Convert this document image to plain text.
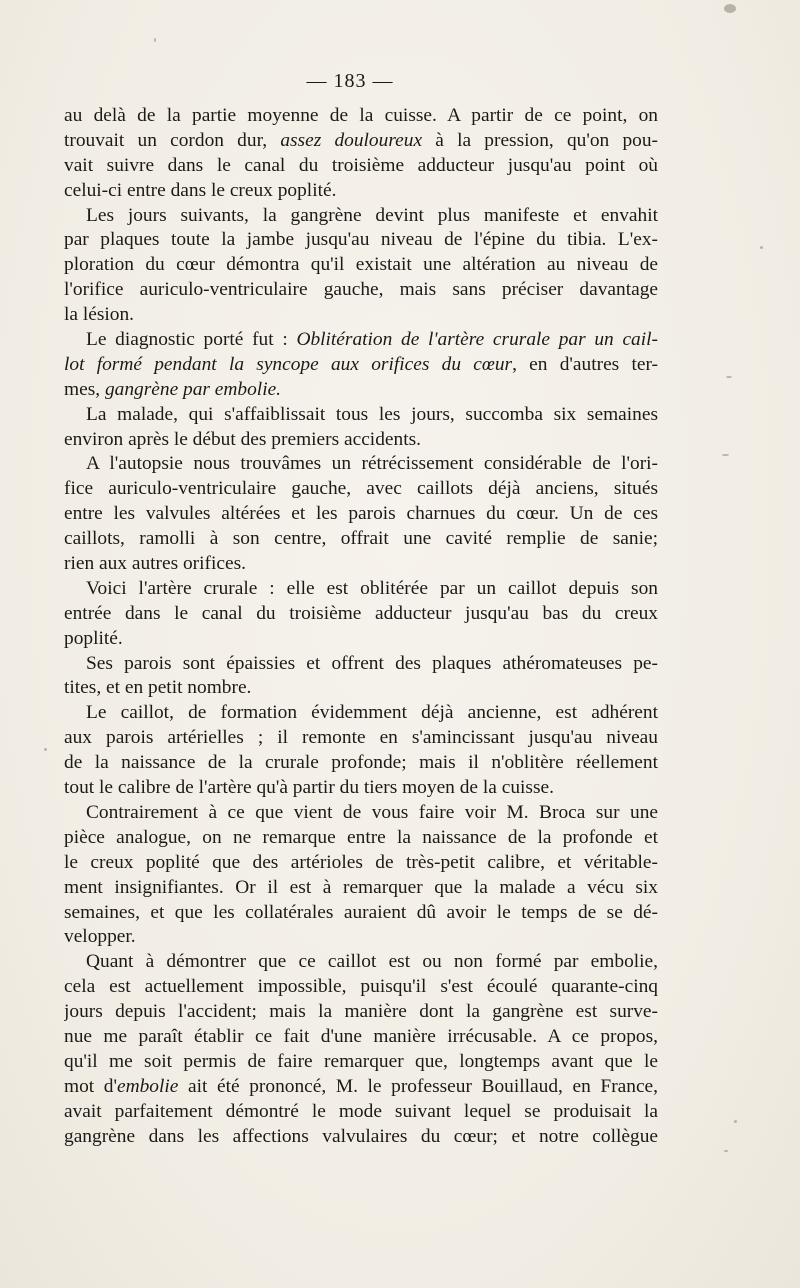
— 183 —
au delà de la partie moyenne de la cuisse. A partir de ce point, on
trouvait un cordon dur, assez douloureux à la pression, qu'on pou-
vait suivre dans le canal du troisième adducteur jusqu'au point où
celui-ci entre dans le creux poplité.
Les jours suivants, la gangrène devint plus manifeste et envahit
par plaques toute la jambe jusqu'au niveau de l'épine du tibia. L'ex-
ploration du cœur démontra qu'il existait une altération au niveau de
l'orifice auriculo-ventriculaire gauche, mais sans préciser davantage
la lésion.
Le diagnostic porté fut : Oblitération de l'artère crurale par un cail-
lot formé pendant la syncope aux orifices du cœur, en d'autres ter-
mes, gangrène par embolie.
La malade, qui s'affaiblissait tous les jours, succomba six semaines
environ après le début des premiers accidents.
A l'autopsie nous trouvâmes un rétrécissement considérable de l'ori-
fice auriculo-ventriculaire gauche, avec caillots déjà anciens, situés
entre les valvules altérées et les parois charnues du cœur. Un de ces
caillots, ramolli à son centre, offrait une cavité remplie de sanie;
rien aux autres orifices.
Voici l'artère crurale : elle est oblitérée par un caillot depuis son
entrée dans le canal du troisième adducteur jusqu'au bas du creux
poplité.
Ses parois sont épaissies et offrent des plaques athéromateuses pe-
tites, et en petit nombre.
Le caillot, de formation évidemment déjà ancienne, est adhérent
aux parois artérielles ; il remonte en s'amincissant jusqu'au niveau
de la naissance de la crurale profonde; mais il n'oblitère réellement
tout le calibre de l'artère qu'à partir du tiers moyen de la cuisse.
Contrairement à ce que vient de vous faire voir M. Broca sur une
pièce analogue, on ne remarque entre la naissance de la profonde et
le creux poplité que des artérioles de très-petit calibre, et véritable-
ment insignifiantes. Or il est à remarquer que la malade a vécu six
semaines, et que les collatérales auraient dû avoir le temps de se dé-
velopper.
Quant à démontrer que ce caillot est ou non formé par embolie,
cela est actuellement impossible, puisqu'il s'est écoulé quarante-cinq
jours depuis l'accident; mais la manière dont la gangrène est surve-
nue me paraît établir ce fait d'une manière irrécusable. A ce propos,
qu'il me soit permis de faire remarquer que, longtemps avant que le
mot d'embolie ait été prononcé, M. le professeur Bouillaud, en France,
avait parfaitement démontré le mode suivant lequel se produisait la
gangrène dans les affections valvulaires du cœur; et notre collègue
